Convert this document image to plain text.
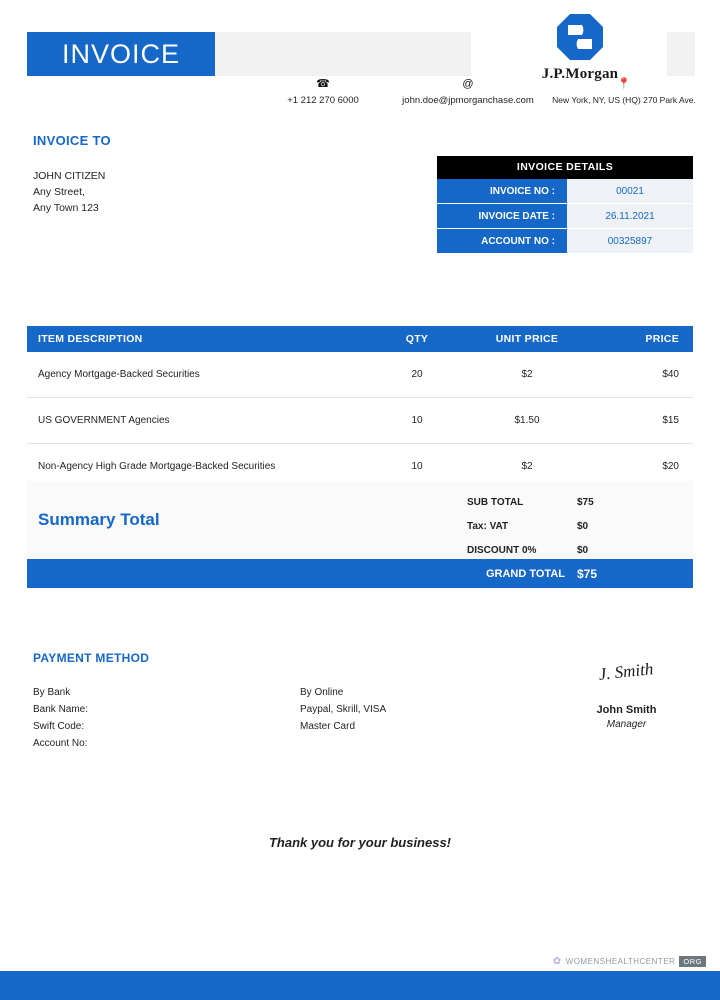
INVOICE
J.P.Morgan
☎
+1 212 270 6000
@
john.doe@jpmorganchase.com
📍
New York, NY, US (HQ) 270 Park Ave.
INVOICE TO
JOHN CITIZEN
Any Street,
Any Town 123
INVOICE DETAILS
INVOICE NO :	00021
INVOICE DATE :	26.11.2021
ACCOUNT NO :	00325897
ITEM DESCRIPTION	QTY	UNIT PRICE	PRICE
Agency Mortgage-Backed Securities	20	$2	$40
US GOVERNMENT Agencies	10	$1.50	$15
Non-Agency High Grade Mortgage-Backed Securities	10	$2	$20
Summary Total
SUB TOTAL	$75
Tax: VAT	$0
DISCOUNT 0%	$0
GRAND TOTAL	$75
PAYMENT METHOD
By Bank
Bank Name:
Swift Code:
Account No:
By Online
Paypal, Skrill, VISA
Master Card
J. Smith
John Smith
Manager
Thank you for your business!
✿ WOMENSHEALTHCENTER	ORG
